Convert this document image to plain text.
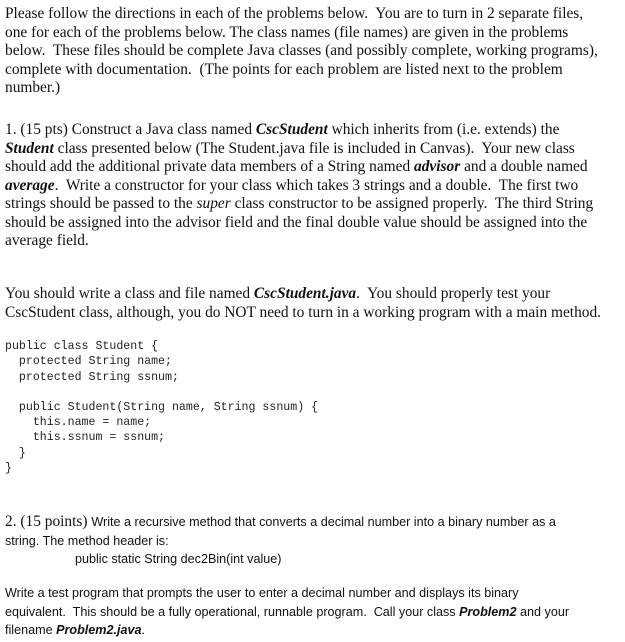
Please follow the directions in each of the problems below.  You are to turn in 2 separate files,
one for each of the problems below. The class names (file names) are given in the problems
below.  These files should be complete Java classes (and possibly complete, working programs),
complete with documentation.  (The points for each problem are listed next to the problem
number.)
1. (15 pts) Construct a Java class named CscStudent which inherits from (i.e. extends) the
Student class presented below (The Student.java file is included in Canvas).  Your new class
should add the additional private data members of a String named advisor and a double named
average.  Write a constructor for your class which takes 3 strings and a double.  The first two
strings should be passed to the super class constructor to be assigned properly.  The third String
should be assigned into the advisor field and the final double value should be assigned into the
average field.
You should write a class and file named CscStudent.java.  You should properly test your
CscStudent class, although, you do NOT need to turn in a working program with a main method.
public class Student {
protected String name;
protected String ssnum;
public Student(String name, String ssnum) {
this.name = name;
this.ssnum = ssnum;
}
}
2. (15 points) Write a recursive method that converts a decimal number into a binary number as a
string. The method header is:
public static String dec2Bin(int value)
Write a test program that prompts the user to enter a decimal number and displays its binary
equivalent.  This should be a fully operational, runnable program.  Call your class Problem2 and your
filename Problem2.java.
